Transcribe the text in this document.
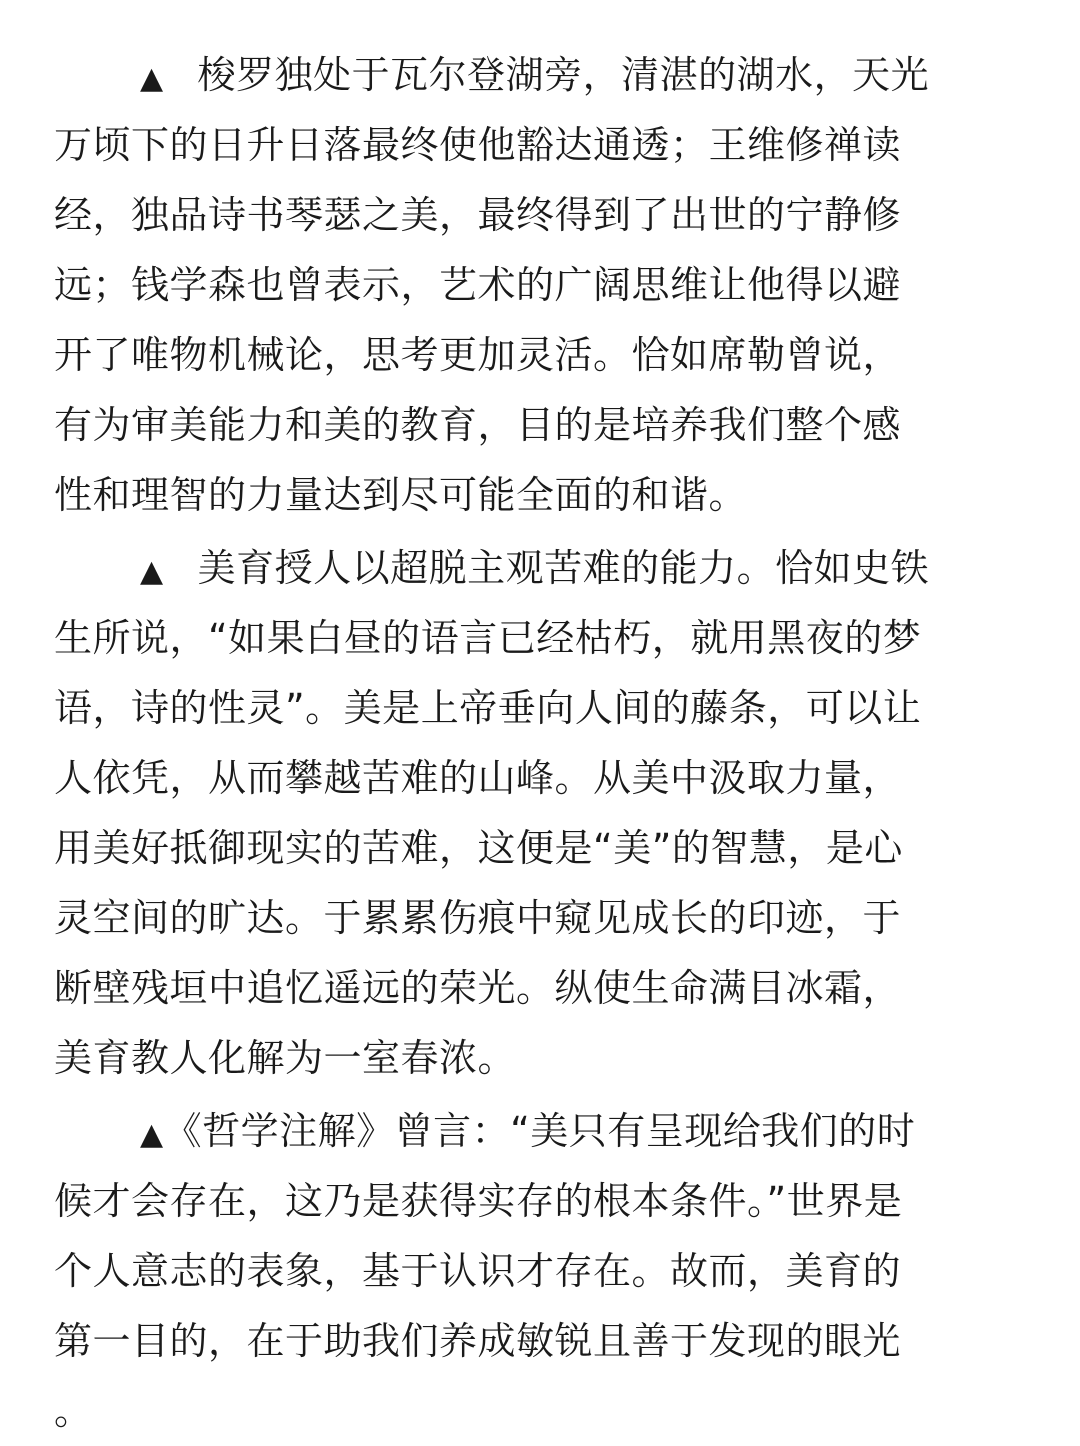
▲ 梭罗独处于瓦尔登湖旁，清湛的湖水，天光
万顷下的日升日落最终使他豁达通透；王维修禅读
经，独品诗书琴瑟之美，最终得到了出世的宁静修
远；钱学森也曾表示，艺术的广阔思维让他得以避
开了唯物机械论，思考更加灵活。恰如席勒曾说，
有为审美能力和美的教育，目的是培养我们整个感
性和理智的力量达到尽可能全面的和谐。
▲ 美育授人以超脱主观苦难的能力。恰如史铁
生所说，“如果白昼的语言已经枯朽，就用黑夜的梦
语，诗的性灵”。美是上帝垂向人间的藤条，可以让
人依凭，从而攀越苦难的山峰。从美中汲取力量，
用美好抵御现实的苦难，这便是“美”的智慧，是心
灵空间的旷达。于累累伤痕中窥见成长的印迹，于
断壁残垣中追忆遥远的荣光。纵使生命满目冰霜，
美育教人化解为一室春浓。
▲《哲学注解》曾言：“美只有呈现给我们的时
候才会存在，这乃是获得实存的根本条件。”世界是
个人意志的表象，基于认识才存在。故而，美育的
第一目的，在于助我们养成敏锐且善于发现的眼光
。
